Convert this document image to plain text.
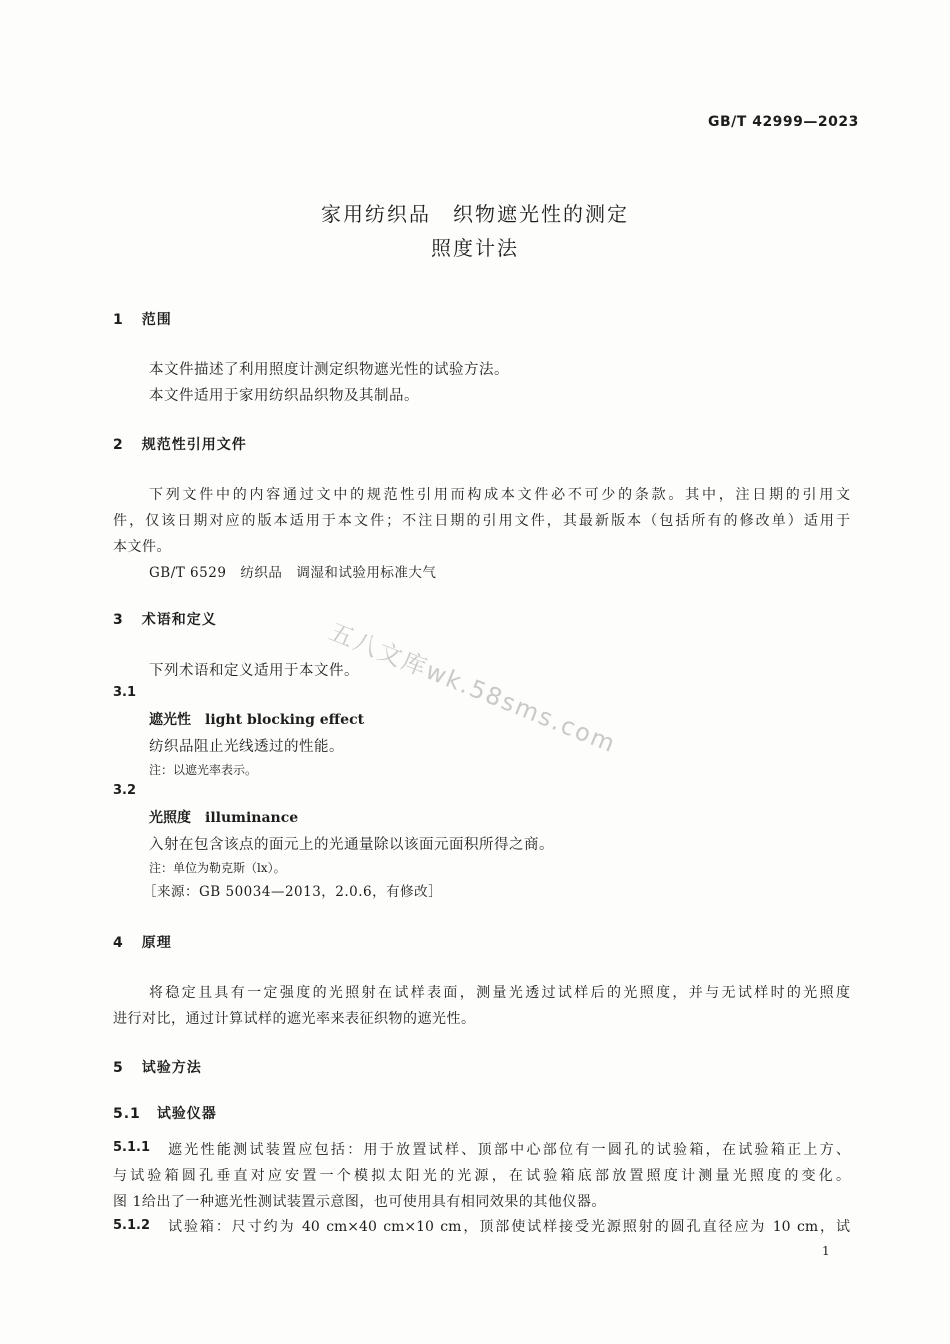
GB/T 42999—2023
家用纺织品　织物遮光性的测定
照度计法
1 范围
本文件描述了利用照度计测定织物遮光性的试验方法。
本文件适用于家用纺织品织物及其制品。
2 规范性引用文件
下列文件中的内容通过文中的规范性引用而构成本文件必不可少的条款。其中，注日期的引用文
件，仅该日期对应的版本适用于本文件；不注日期的引用文件，其最新版本（包括所有的修改单）适用于
本文件。
GB/T 6529　纺织品　调湿和试验用标准大气
3 术语和定义
下列术语和定义适用于本文件。
3.1
遮光性　light blocking effect
纺织品阻止光线透过的性能。
注：以遮光率表示。
3.2
光照度　illuminance
入射在包含该点的面元上的光通量除以该面元面积所得之商。
注：单位为勒克斯（lx）。
［来源：GB 50034—2013，2.0.6，有修改］
4 原理
将稳定且具有一定强度的光照射在试样表面，测量光透过试样后的光照度，并与无试样时的光照度
进行对比，通过计算试样的遮光率来表征织物的遮光性。
5 试验方法
5.1 试验仪器
5.1.1 遮光性能测试装置应包括：用于放置试样、顶部中心部位有一圆孔的试验箱，在试验箱正上方、
与试验箱圆孔垂直对应安置一个模拟太阳光的光源，在试验箱底部放置照度计测量光照度的变化。
图 1给出了一种遮光性测试装置示意图，也可使用具有相同效果的其他仪器。
5.1.2 试验箱：尺寸约为 40 cm×40 cm×10 cm，顶部使试样接受光源照射的圆孔直径应为 10 cm，试
1
五八文库wk.58sms.com
